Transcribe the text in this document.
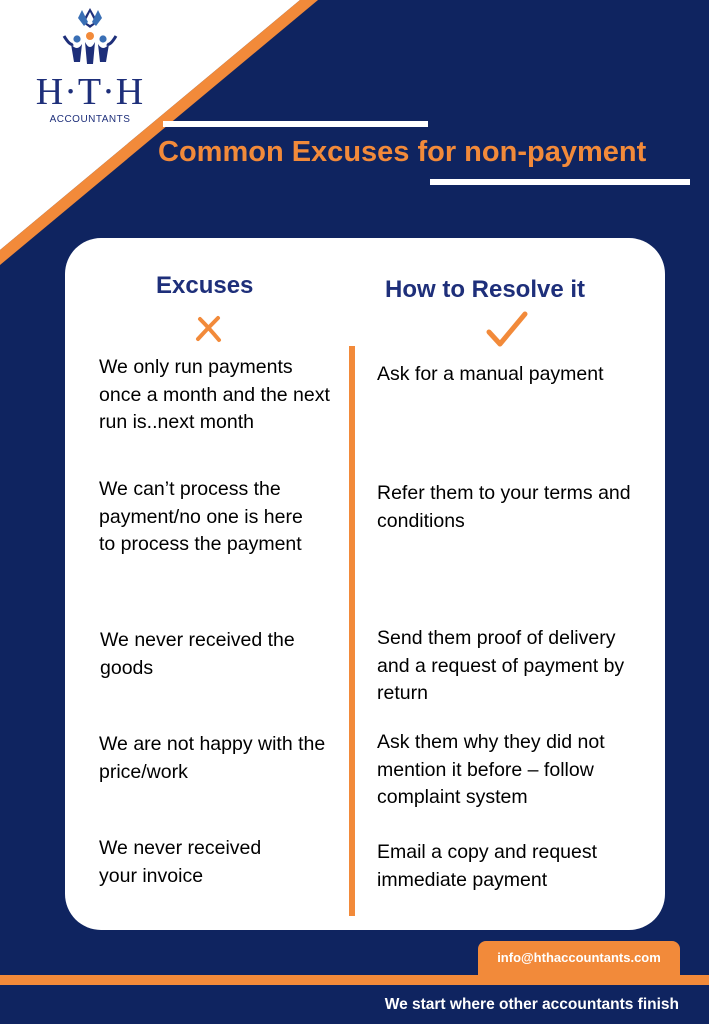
H·T·H
ACCOUNTANTS
Common Excuses for non-payment
Excuses	How to Resolve it
We only run payments once a month and the next run is..next month
Ask for a manual payment
We can’t process the payment/no one is here to process the payment
Refer them to your terms and conditions
We never received the goods
Send them proof of delivery and a request of payment by return
We are not happy with the price/work
Ask them why they did not mention it before – follow complaint system
We never received your invoice
Email a copy and request immediate payment
info@hthaccountants.com
We start where other accountants finish
